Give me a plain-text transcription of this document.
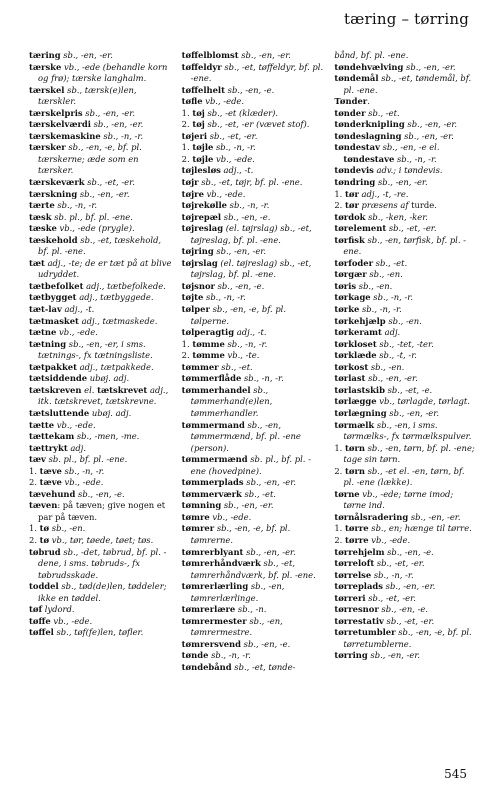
tæring – tørring
tæring sb., -en, -er.
tærske vb., -ede (behandle korn og frø); tærske langhalm.
tærskel sb., tærsk(e)len, tærskler.
tærskelpris sb., -en, -er.
tærskelværdi sb., -en, -er.
tærskemaskine sb., -n, -r.
tærsker sb., -en, -e, bf. pl. tærskerne; æde som en tærsker.
tærskeværk sb., -et, -er.
tærskning sb., -en, -er.
tærte sb., -n, -r.
tæsk sb. pl., bf. pl. -ene.
tæske vb., -ede (prygle).
tæskehold sb., -et, tæskehold, bf. pl. -ene.
tæt adj., -te; de er tæt på at blive udryddet.
tætbefolket adj., tætbefolkede.
tætbygget adj., tætbyggede.
tæt-lav adj., -t.
tætmasket adj., tætmaskede.
tætne vb., -ede.
tætning sb., -en, -er, i sms. tætnings-, fx tætningsliste.
tætpakket adj., tætpakkede.
tætsiddende ubøj. adj.
tætskreven el. tætskrevet adj., itk. tætskrevet, tætskrevne.
tætsluttende ubøj. adj.
tætte vb., -ede.
tættekam sb., -men, -me.
tættrykt adj.
tæv sb. pl., bf. pl. -ene.
1. tæve sb., -n, -r.
2. tæve vb., -ede.
tævehund sb., -en, -e.
tæven: på tæven; give nogen et par på tæven.
1. tø sb., -en.
2. tø vb., tør, tøede, tøet; tøs.
tøbrud sb., -det, tøbrud, bf. pl. -dene, i sms. tøbruds-, fx tøbrudsskade.
toddel sb., tød(de)len, tøddeler; ikke en tøddel.
tøf lydord.
tøffe vb., -ede.
tøffel sb., tøf(fe)len, tøfler.
tøffelblomst sb., -en, -er.
tøffeldyr sb., -et, tøffeldyr, bf. pl. -ene.
tøffelhelt sb., -en, -e.
tøfle vb., -ede.
1. tøj sb., -et (klæder).
2. tøj sb., -et, -er (vævet stof).
tøjeri sb., -et, -er.
1. tøjle sb., -n, -r.
2. tøjle vb., -ede.
tøjlesløs adj., -t.
tøjr sb., -et, tøjr, bf. pl. -ene.
tøjre vb., -ede.
tøjrekølle sb., -n, -r.
tøjrepæl sb., -en, -e.
tøjreslag (el. tøjrslag) sb., -et, tøjreslag, bf. pl. -ene.
tøjring sb., -en, -er.
tøjrslag (el. tøjreslag) sb., -et, tøjrslag, bf. pl. -ene.
tøjsnor sb., -en, -e.
tøjte sb., -n, -r.
tølper sb., -en, -e, bf. pl. tølperne.
tølperagtig adj., -t.
1. tømme sb., -n, -r.
2. tømme vb., -te.
tømmer sb., -et.
tømmerflåde sb., -n, -r.
tømmerhandel sb., tømmerhand(e)len, tømmerhandler.
tømmermand sb., -en, tømmermænd, bf. pl. -ene (person).
tømmermænd sb. pl., bf. pl. -ene (hovedpine).
tømmerplads sb., -en, -er.
tømmerværk sb., -et.
tømning sb., -en, -er.
tømre vb., -ede.
tømrer sb., -en, -e, bf. pl. tømrerne.
tømrerblyant sb., -en, -er.
tømrerhåndværk sb., -et, tømrerhåndværk, bf. pl. -ene.
tømrerlærling sb., -en, tømrerlærlinge.
tømrerlære sb., -n.
tømrermester sb., -en, tømrermestre.
tømrersvend sb., -en, -e.
tønde sb., -n, -r.
tøndebånd sb., -et, tønde-
bånd, bf. pl. -ene.
tøndehvælving sb., -en, -er.
tøndemål sb., -et, tøndemål, bf. pl. -ene.
Tønder.
tønder sb., -et.
tønderknipling sb., -en, -er.
tøndeslagning sb., -en, -er.
tøndestav sb., -en, -e el. tøndestave sb., -n, -r.
tøndevis adv.; i tøndevis.
tøndring sb., -en, -er.
1. tør adj., -t, -re.
2. tør præsens af turde.
tørdok sb., -ken, -ker.
tørelement sb., -et, -er.
tørfisk sb., -en, tørfisk, bf. pl. -ene.
tørfoder sb., -et.
tørgær sb., -en.
tøris sb., -en.
tørkage sb., -n, -r.
tørke sb., -n, -r.
tørkehjælp sb., -en.
tørkeramt adj.
tørkloset sb., -tet, -ter.
tørklæde sb., -t, -r.
tørkost sb., -en.
tørlast sb., -en, -er.
tørlastskib sb., -et, -e.
tørlægge vb., tørlagde, tørlagt.
tørlægning sb., -en, -er.
tørmælk sb., -en, i sms. tørmælks-, fx tørmælkspulver.
1. tørn sb., -en, tørn, bf. pl. -ene; tage sin tørn.
2. tørn sb., -et el. -en, tørn, bf. pl. -ene (lække).
tørne vb., -ede; tørne imod; tørne ind.
tørnålsradering sb., -en, -er.
1. tørre sb., en; hænge til tørre.
2. tørre vb., -ede.
tørrehjelm sb., -en, -e.
tørreloft sb., -et, -er.
tørrelse sb., -n, -r.
tørreplads sb., -en, -er.
tørreri sb., -et, -er.
tørresnor sb., -en, -e.
tørrestativ sb., -et, -er.
tørretumbler sb., -en, -e, bf. pl. tørretumblerne.
tørring sb., -en, -er.
545
